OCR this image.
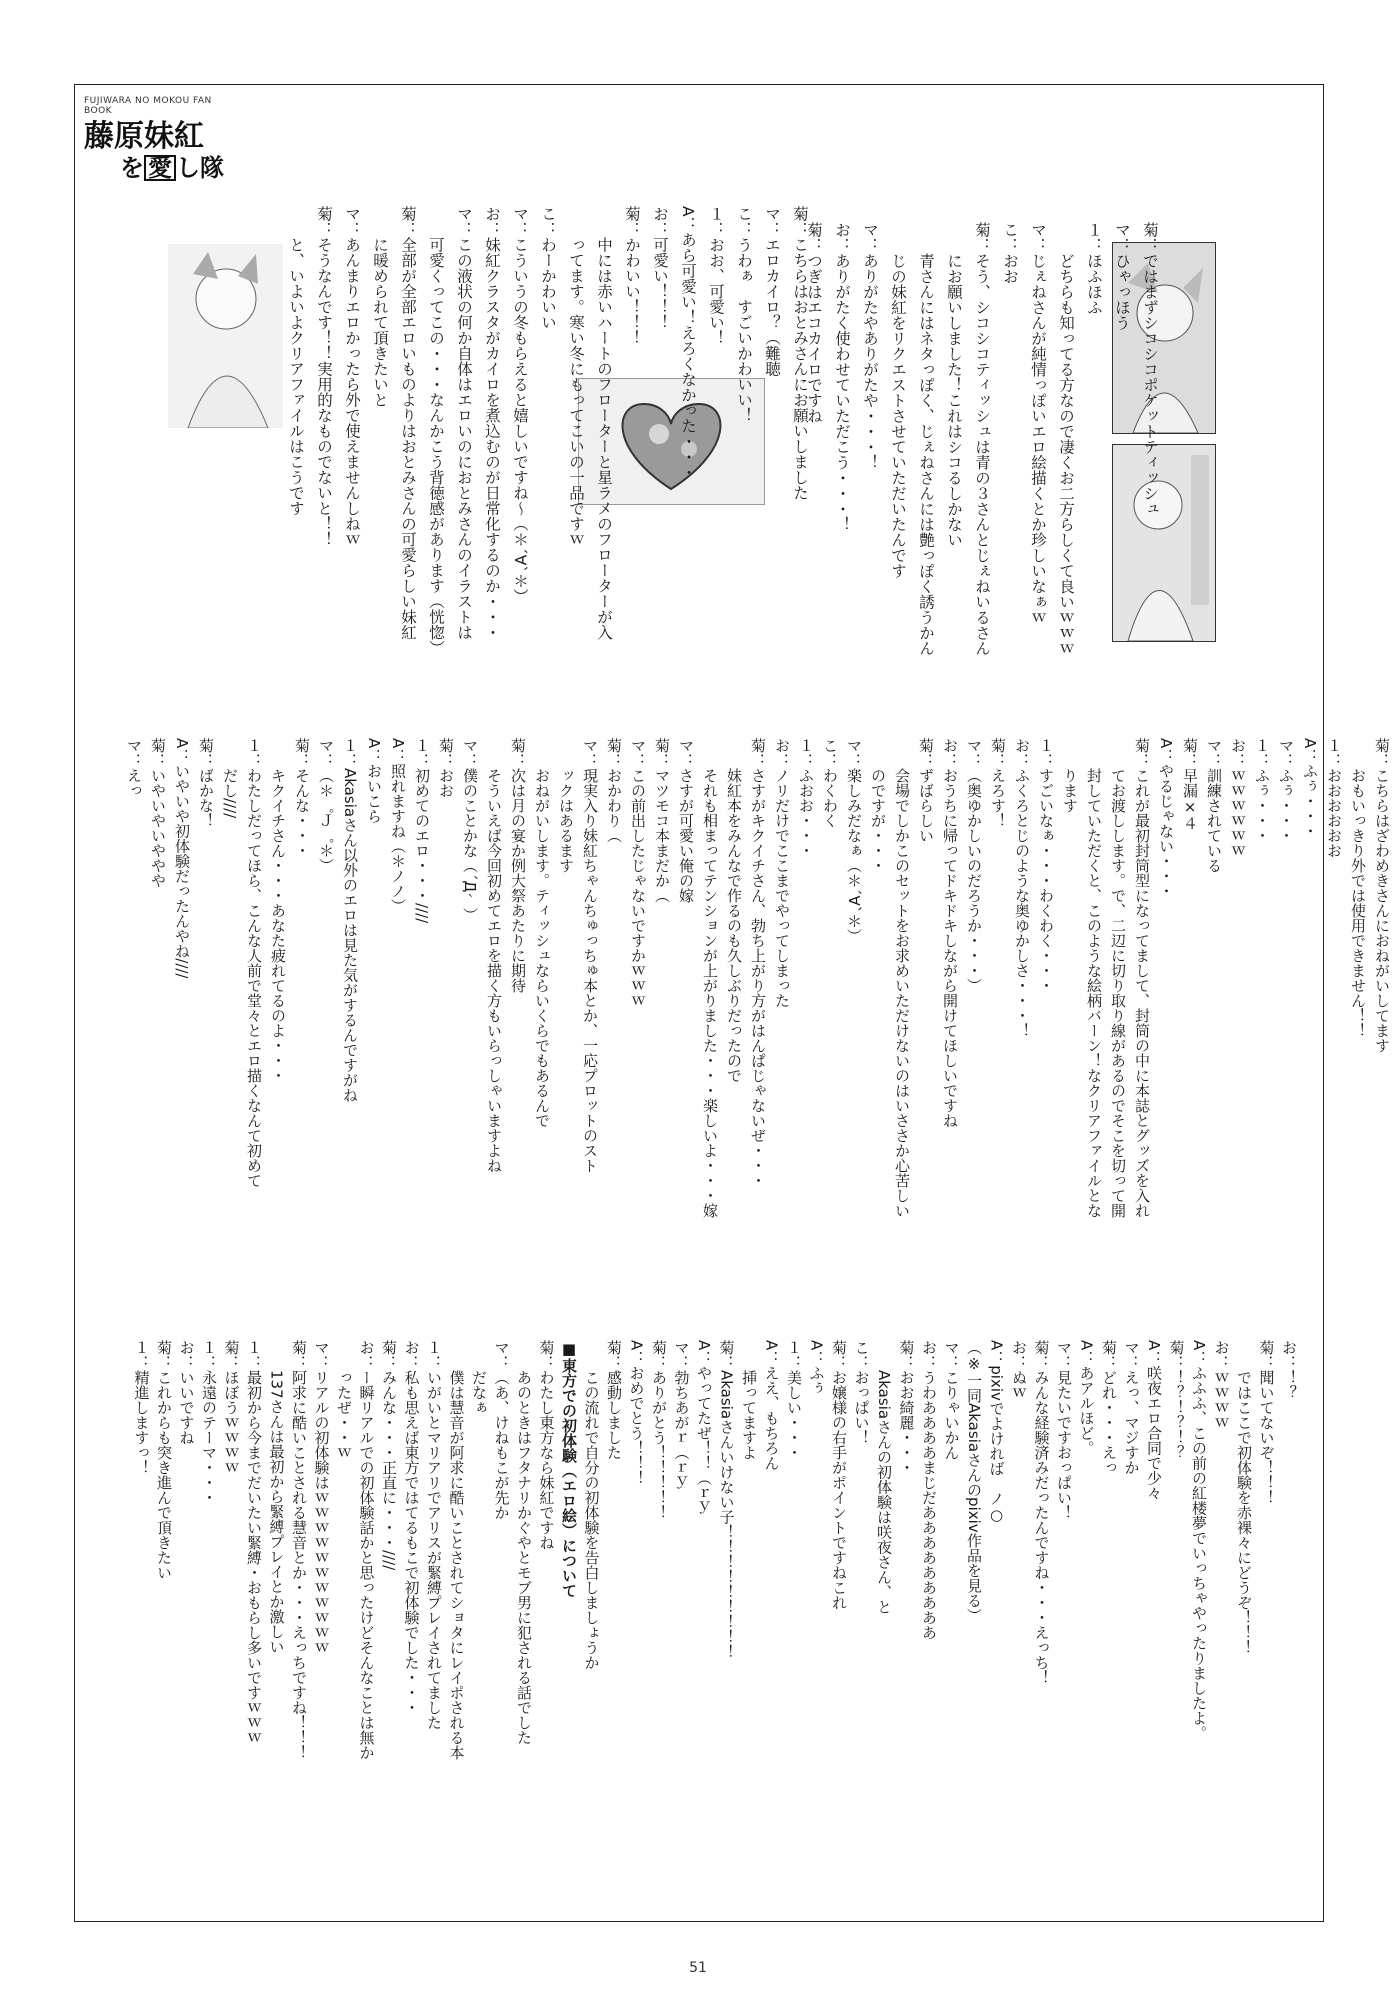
FUJIWARA NO MOKOU FAN BOOK
藤原妹紅
を 愛 し隊
菊：ではまずシコシコポケットティッシュ
マ：ひゃっほう
１：ほふほふ
　　どちらも知ってる方なので凄くお二方らしくて良いｗｗｗ
マ：じぇねさんが純情っぽいエロ絵描くとか珍しいなぁｗ
こ：おお
菊：そう、シコシコティッシュは青の３さんとじぇねいるさん
　　にお願いしました！これはシコるしかない
　　青さんにはネタっぽく、じぇねさんには艶っぽく誘うかん
　　じの妹紅をリクエストさせていただいたんです
マ：ありがたやありがたや・・・！
お：ありがたく使わせていただこう・・・！
菊：つぎはエコカイロですね
菊：こちらはおとみさんにお願いしました
マ：エロカイロ？（難聴
こ：うわぁ　すごいかわいい！
１：おお、可愛い！
A：あら可愛い！えろくなかった・・・
お：可愛い！！！
菊：かわいい！！！
　　中には赤いハートのフローターと星ラメのフローターが入
　　ってます。寒い冬にもってこいの一品ですｗ
こ：わーかわいい
マ：こういうの冬もらえると嬉しいですね～（＊´∀`＊）
お：妹紅クラスタがカイロを煮込むのが日常化するのか・・・
マ：この液状の何か自体はエロいのにおとみさんのイラストは
　　可愛くってこの・・・なんかこう背徳感があります（恍惚）
菊：全部が全部エロいものよりはおとみさんの可愛らしい妹紅
　　に暖められて頂きたいと
マ：あんまりエロかったら外で使えませんしねｗ
菊：そうなんです！！実用的なものでないと！！
　　と、いよいよクリアファイルはこうです
菊：こちらはざわめきさんにおねがいしてます
　　おもいっきり外では使用できません！！
１：おおおおおお
A：ふぅ・・・
マ：ふぅ・・・
１：ふぅ・・・
お：ｗｗｗｗｗｗ
マ：訓練されている
菊：早漏×４
A：やるじゃない・・・
菊：これが最初封筒型になってまして、封筒の中に本誌とグッズを入れ
　　てお渡しします。で、二辺に切り取り線があるのでそこを切って開
　　封していただくと、このような絵柄バーン！なクリアファイルとな
　　ります
１：すごいなぁ・・・わくわく・・・
お：ふくろとじのような奥ゆかしさ・・・！
菊：えろす！
マ：（奥ゆかしいのだろうか・・・）
お：おうちに帰ってドキドキしながら開けてほしいですね
菊：ずばらしい
　　会場でしかこのセットをお求めいただけないのはいささか心苦しい
　　のですが・・・
マ：楽しみだなぁ（＊´∀`＊）
こ：わくわく
１：ふおお・・・
お：ノリだけでここまでやってしまった
菊：さすがキクイチさん、勃ち上がり方がはんぱじゃないぜ・・・
　　妹紅本をみんなで作るのも久しぶりだったので
　　それも相まってテンションが上がりました・・・楽しいよ・・・嫁
マ：さすが可愛い俺の嫁
菊：マツモコ本まだか（
マ：この前出したじゃないですかｗｗｗ
菊：おかわり（
マ：現実入り妹紅ちゃんちゅっちゅ本とか、一応プロットのスト
　　ックはあるます
　　おねがいします。ティッシュならいくらでもあるんで
菊：次は月の宴か例大祭あたりに期待
　　そういえば今回初めてエロを描く方もいらっしゃいますよね
マ：僕のことかな（´Д｀）
菊：おお
１：初めてのエロ・・・////
A：照れますね（＊ノノ）
A：おいこら
１：Akasiaさん以外のエロは見た気がするんですがね
マ：（＊゜Ｊ゜＊）
菊：そんな・・・
　　キクイチさん・・・あなた疲れてるのよ・・・
１：わたしだってほら、こんな人前で堂々とエロ描くなんて初めて
　　だし////
菊：ばかな！
A：いやいや初体験だったんやね////
菊：いやいやいややや
マ：えっ
お：！？
菊：聞いてないぞ！！！
　　ではここで初体験を赤裸々にどうぞ！！！
お：ｗｗｗｗ
A：ふふふ、この前の紅楼夢でいっちゃやったりましたよ。
菊：！？！？！？
A：咲夜エロ合同で少々
マ：えっ、マジすか
菊：どれ・・・えっ
A：あアルほど。
マ：見たいですおっぱい！
菊：みんな経験済みだったんですね・・・えっち！
お：ぬｗ
A：pixivでよければ　ノ○
（※一同Akasiaさんのpixiv作品を見る）
マ：こりゃいかん
お：うわああああまじだあああああああああ
菊：おお綺麗・・・
　　Akasiaさんの初体験は咲夜さん、と
こ：おっぱい！
菊：お嬢様の右手がポイントですねこれ
A：ふぅ
１：美しい・・・
A：ええ、もちろん
　　挿ってますよ
菊：Akasiaさんいけない子！！！！！！！！！
A：やってたぜ！！（ｒｙ
マ：勃ちあがｒ（ｒｙ
菊：ありがとう！！！！！
A：おめでとう！！！
菊：感動しました
　　この流れで自分の初体験を告白しましょうか
■東方での初体験（エロ絵）について
菊：わたし東方なら妹紅ですね
　　あのときはフタナリかぐやとモブ男に犯される話でした
マ：（あ、けねもこが先か
　　だなぁ
　　僕は慧音が阿求に酷いことされてショタにレイポされる本
１：いがいとマリアリでアリスが緊縛プレイされてました
お：私も思えば東方ではてるもこで初体験でした・・・
菊：みんな・・・正直に・・・////
お：ー瞬リアルでの初体験話かと思ったけどそんなことは無か
　　ったぜ・・ｗ
マ：リアルの初体験はｗｗｗｗｗｗｗｗｗｗｗ
菊：阿求に酷いことされる慧音とか・・・えっちですね！！！
　　137さんは最初から緊縛プレイとか激しい
１：最初から今までだいたい緊縛・おもらし多いですｗｗｗ
菊：ほぼうｗｗｗｗ
１：永遠のテーマ・・・
お：いいですね
菊：これからも突き進んで頂きたい
１：精進しますっ！
51
